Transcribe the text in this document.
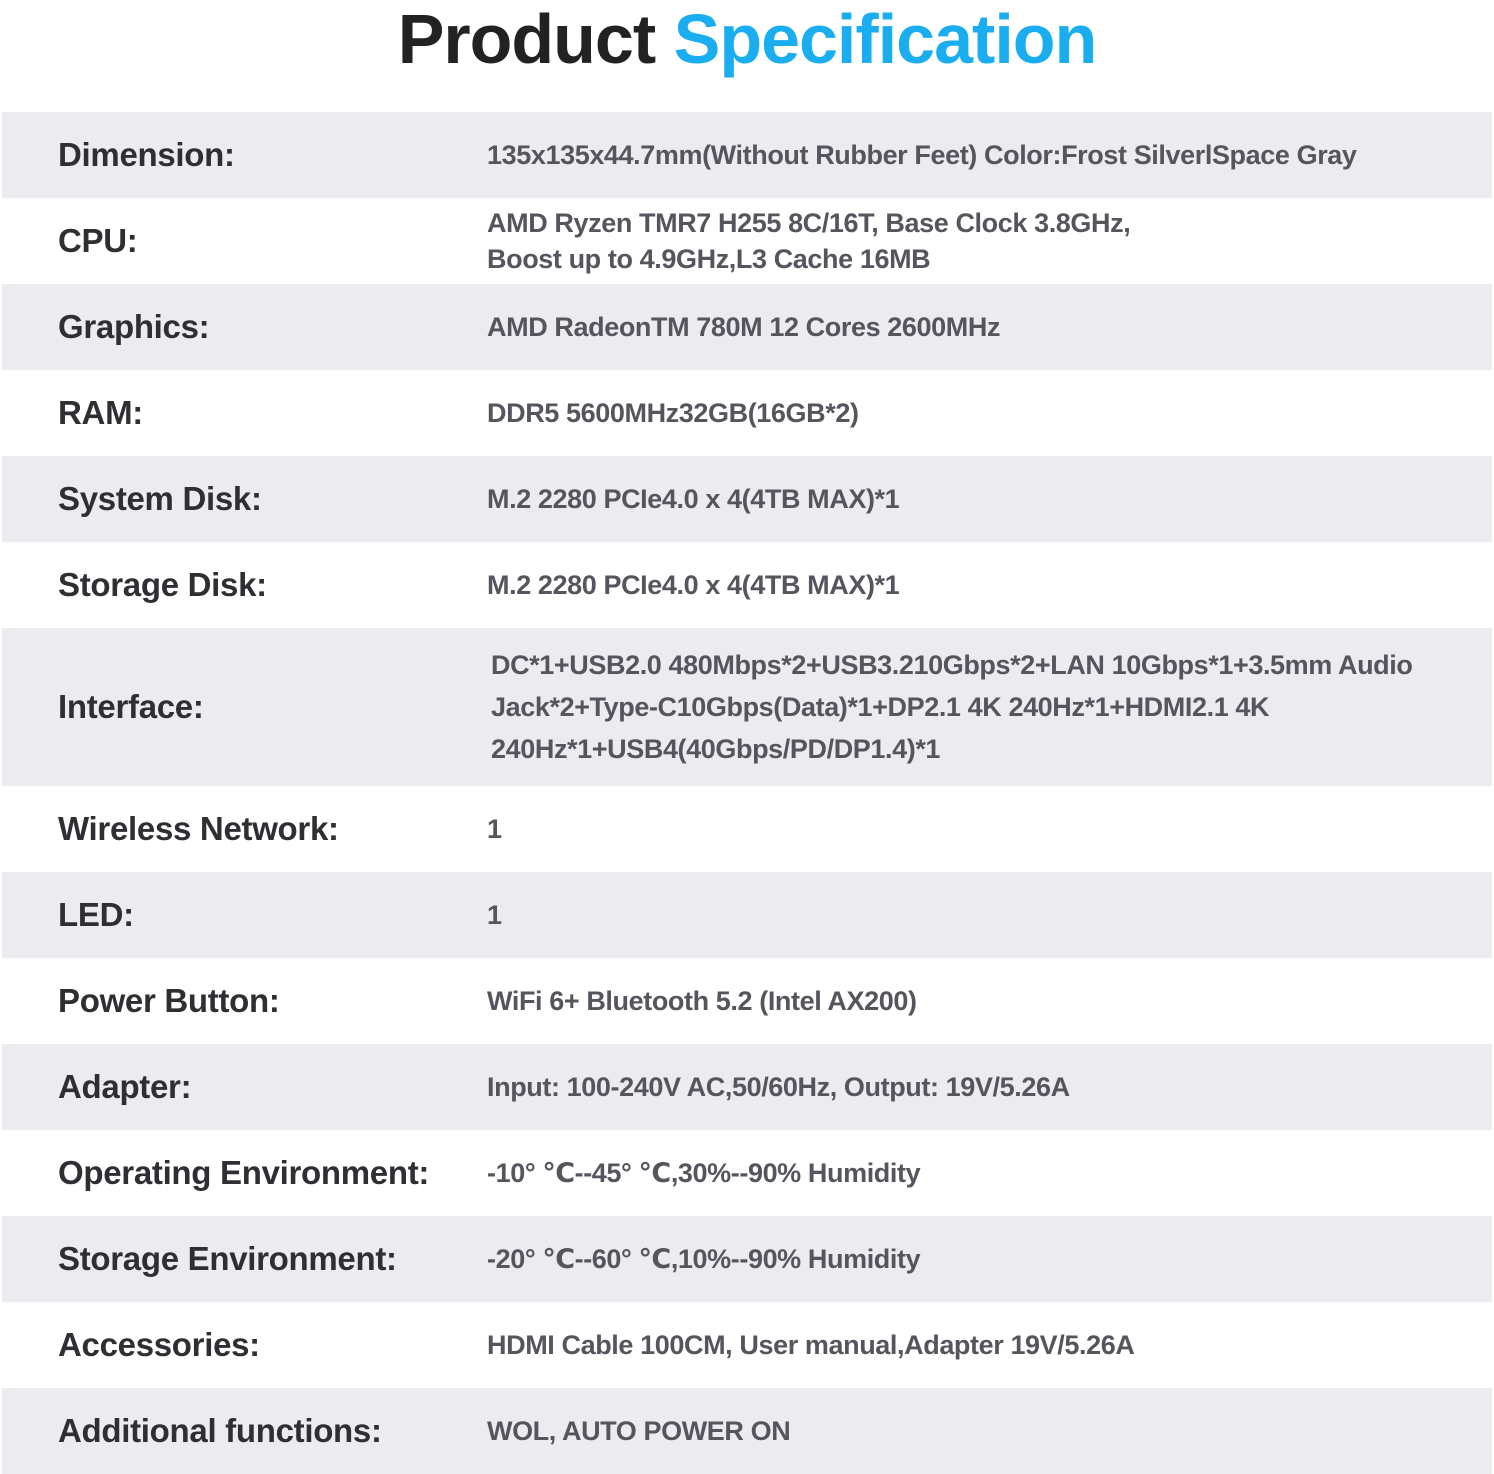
Product Specification
Dimension:	135x135x44.7mm(Without Rubber Feet) Color:Frost SilverlSpace Gray
CPU:	AMD Ryzen TMR7 H255 8C/16T, Base Clock 3.8GHz,
Boost up to 4.9GHz,L3 Cache 16MB
Graphics:	AMD RadeonTM 780M 12 Cores 2600MHz
RAM:	DDR5 5600MHz32GB(16GB*2)
System Disk:	M.2 2280 PCIe4.0 x 4(4TB MAX)*1
Storage Disk:	M.2 2280 PCIe4.0 x 4(4TB MAX)*1
Interface:
DC*1+USB2.0 480Mbps*2+USB3.210Gbps*2+LAN 10Gbps*1+3.5mm Audio Jack*2+Type-C10Gbps(Data)*1+DP2.1 4K 240Hz*1+HDMI2.1 4K 240Hz*1+USB4(40Gbps/PD/DP1.4)*1
Wireless Network:	1
LED:	1
Power Button:	WiFi 6+ Bluetooth 5.2 (Intel AX200)
Adapter:	Input: 100-240V AC,50/60Hz, Output: 19V/5.26A
Operating Environment: -10° ℃--45° ℃,30%--90% Humidity
Storage Environment:	-20° ℃--60° ℃,10%--90% Humidity
Accessories:	HDMI Cable 100CM, User manual,Adapter 19V/5.26A
Additional functions:	WOL, AUTO POWER ON
